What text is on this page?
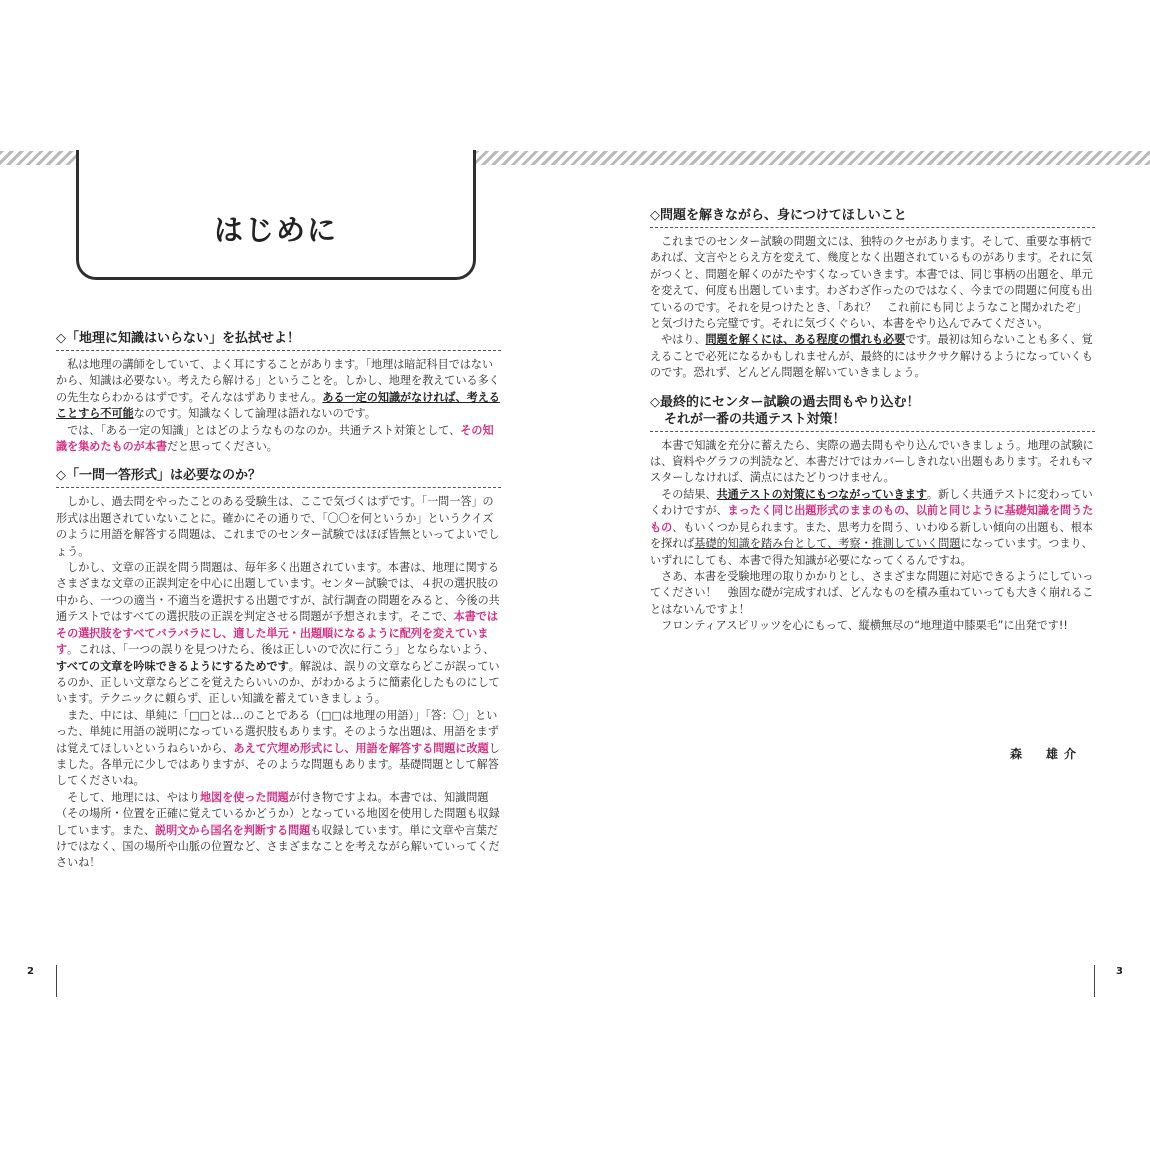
はじめに
◇「地理に知識はいらない」を払拭せよ！

私は地理の講師をしていて、よく耳にすることがあります。「地理は暗記科目ではないから、知識は必要ない。考えたら解ける」ということを。しかし、地理を教えている多くの先生ならわかるはずです。そんなはずありません。ある一定の知識がなければ、考えることすら不可能なのです。知識なくして論理は語れないのです。

では、「ある一定の知識」とはどのようなものなのか。共通テスト対策として、その知識を集めたものが本書だと思ってください。

◇「一問一答形式」は必要なのか？

しかし、過去問をやったことのある受験生は、ここで気づくはずです。「一問一答」の形式は出題されていないことに。確かにその通りで、「〇〇を何というか」というクイズのように用語を解答する問題は、これまでのセンター試験ではほぼ皆無といってよいでしょう。

しかし、文章の正誤を問う問題は、毎年多く出題されています。本書は、地理に関するさまざまな文章の正誤判定を中心に出題しています。センター試験では、４択の選択肢の中から、一つの適当・不適当を選択する出題ですが、試行調査の問題をみると、今後の共通テストではすべての選択肢の正誤を判定させる問題が予想されます。そこで、本書ではその選択肢をすべてバラバラにし、適した単元・出題順になるように配列を変えています。これは、「一つの誤りを見つけたら、後は正しいので次に行こう」とならないよう、すべての文章を吟味できるようにするためです。解説は、誤りの文章ならどこが誤っているのか、正しい文章ならどこを覚えたらいいのか、がわかるように簡素化したものにしています。テクニックに頼らず、正しい知識を蓄えていきましょう。

また、中には、単純に「□□とは…のことである（□□は地理の用語）」「答：〇」といった、単純に用語の説明になっている選択肢もあります。そのような出題は、用語をまずは覚えてほしいというねらいから、あえて穴埋め形式にし、用語を解答する問題に改題しました。各単元に少しではありますが、そのような問題もあります。基礎問題として解答してくださいね。

そして、地理には、やはり地図を使った問題が付き物ですよね。本書では、知識問題（その場所・位置を正確に覚えているかどうか）となっている地図を使用した問題も収録しています。また、説明文から国名を判断する問題も収録しています。単に文章や言葉だけではなく、国の場所や山脈の位置など、さまざまなことを考えながら解いていってくださいね！

◇問題を解きながら、身につけてほしいこと

これまでのセンター試験の問題文には、独特のクセがあります。そして、重要な事柄であれば、文言やとらえ方を変えて、幾度となく出題されているものがあります。それに気がつくと、問題を解くのがたやすくなっていきます。本書では、同じ事柄の出題を、単元を変えて、何度も出題しています。わざわざ作ったのではなく、今までの問題に何度も出ているのです。それを見つけたとき、「あれ？　これ前にも同じようなこと聞かれたぞ」と気づけたら完璧です。それに気づくぐらい、本書をやり込んでみてください。

やはり、問題を解くには、ある程度の慣れも必要です。最初は知らないことも多く、覚えることで必死になるかもしれませんが、最終的にはサクサク解けるようになっていくものです。恐れず、どんどん問題を解いていきましょう。

◇最終的にセンター試験の過去問もやり込む！
それが一番の共通テスト対策！

本書で知識を充分に蓄えたら、実際の過去問もやり込んでいきましょう。地理の試験には、資料やグラフの判読など、本書だけではカバーしきれない出題もあります。それもマスターしなければ、満点にはたどりつけません。

その結果、共通テストの対策にもつながっていきます。新しく共通テストに変わっていくわけですが、まったく同じ出題形式のままのもの、以前と同じように基礎知識を問うたもの、もいくつか見られます。また、思考力を問う、いわゆる新しい傾向の出題も、根本を探れば基礎的知識を踏み台として、考察・推測していく問題になっています。つまり、いずれにしても、本書で得た知識が必要になってくるんですね。

さあ、本書を受験地理の取りかかりとし、さまざまな問題に対応できるようにしていってください！　強固な礎が完成すれば、どんなものを積み重ねていっても大きく崩れることはないんですよ！

フロンティアスピリッツを心にもって、縦横無尽の“地理道中膝栗毛”に出発です!!

森　雄介
2	3
